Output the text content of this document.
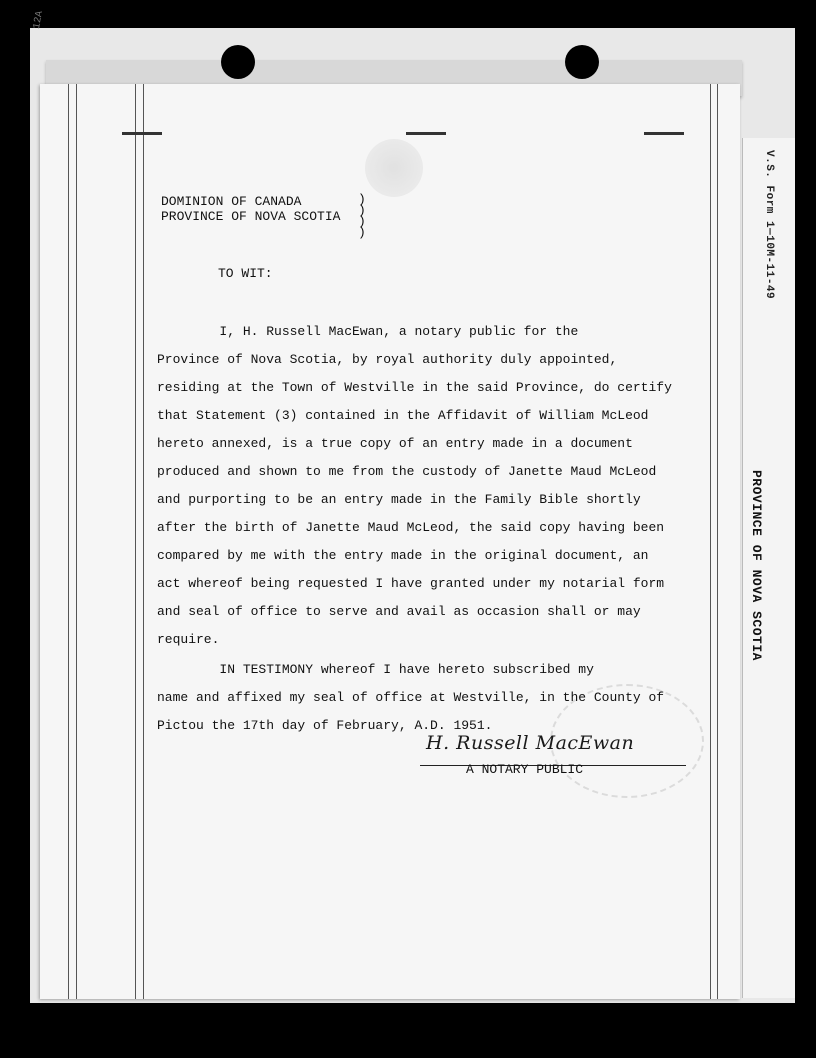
12A
V.S. Form 1—10M-11-49
PROVINCE OF NOVA SCOTIA
DOMINION OF CANADA
PROVINCE OF NOVA SCOTIA
)
)
)
)
TO WIT:
I, H. Russell MacEwan, a notary public for the
Province of Nova Scotia, by royal authority duly appointed,
residing at the Town of Westville in the said Province, do certify
that Statement (3) contained in the Affidavit of William McLeod
hereto annexed, is a true copy of an entry made in a document
produced and shown to me from the custody of Janette Maud McLeod
and purporting to be an entry made in the Family Bible shortly
after the birth of Janette Maud McLeod, the said copy having been
compared by me with the entry made in the original document, an
act whereof being requested I have granted under my notarial form
and seal of office to serve and avail as occasion shall or may
require.
IN TESTIMONY whereof I have hereto subscribed my
name and affixed my seal of office at Westville, in the County of
Pictou the 17th day of February, A.D. 1951.
H. Russell MacEwan
A NOTARY PUBLIC
